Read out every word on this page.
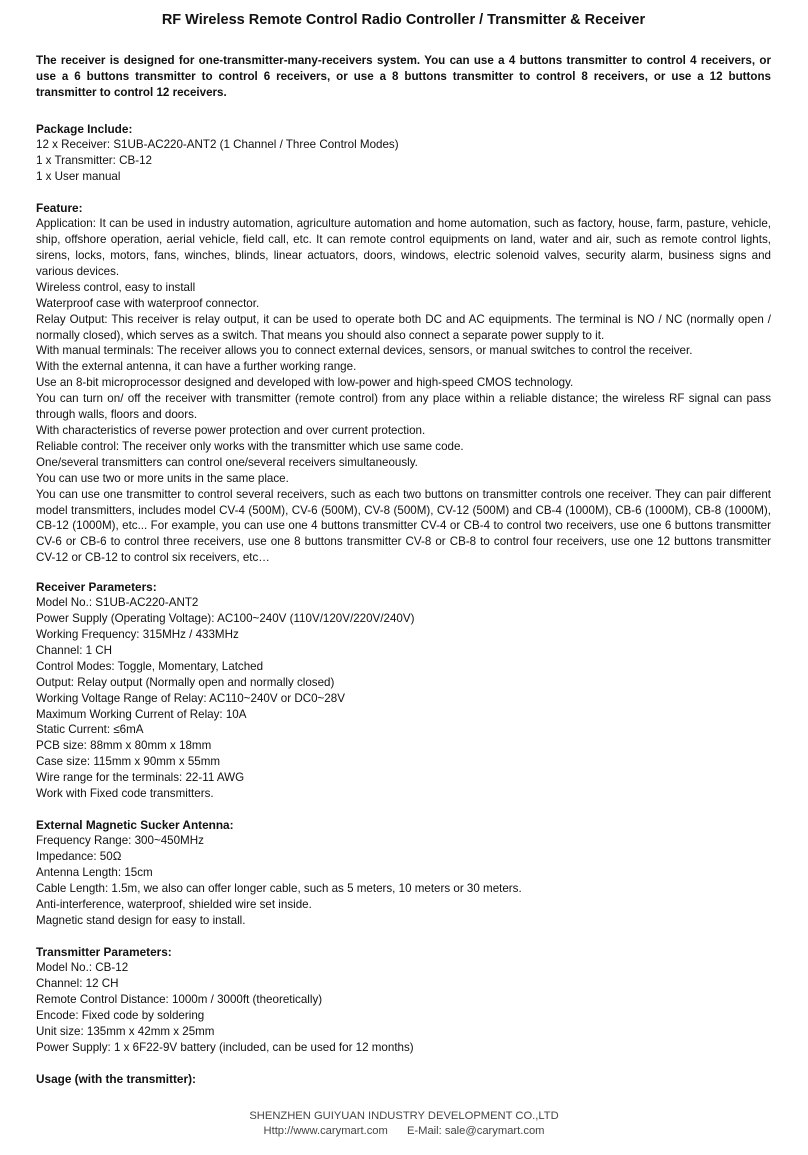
RF Wireless Remote Control Radio Controller / Transmitter & Receiver

The receiver is designed for one-transmitter-many-receivers system. You can use a 4 buttons transmitter to control 4 receivers, or use a 6 buttons transmitter to control 6 receivers, or use a 8 buttons transmitter to control 8 receivers, or use a 12 buttons transmitter to control 12 receivers.

Package Include:

12 x Receiver: S1UB-AC220-ANT2 (1 Channel / Three Control Modes)

1 x Transmitter: CB-12

1 x User manual

Feature:

Application: It can be used in industry automation, agriculture automation and home automation, such as factory, house, farm, pasture, vehicle, ship, offshore operation, aerial vehicle, field call, etc. It can remote control equipments on land, water and air, such as remote control lights, sirens, locks, motors, fans, winches, blinds, linear actuators, doors, windows, electric solenoid valves, security alarm, business signs and various devices.

Wireless control, easy to install

Waterproof case with waterproof connector.

Relay Output: This receiver is relay output, it can be used to operate both DC and AC equipments. The terminal is NO / NC (normally open / normally closed), which serves as a switch. That means you should also connect a separate power supply to it.

With manual terminals: The receiver allows you to connect external devices, sensors, or manual switches to control the receiver.

With the external antenna, it can have a further working range.

Use an 8-bit microprocessor designed and developed with low-power and high-speed CMOS technology.

You can turn on/ off the receiver with transmitter (remote control) from any place within a reliable distance; the wireless RF signal can pass through walls, floors and doors.

With characteristics of reverse power protection and over current protection.

Reliable control: The receiver only works with the transmitter which use same code.

One/several transmitters can control one/several receivers simultaneously.

You can use two or more units in the same place.

You can use one transmitter to control several receivers, such as each two buttons on transmitter controls one receiver. They can pair different model transmitters, includes model CV-4 (500M), CV-6 (500M), CV-8 (500M), CV-12 (500M) and CB-4 (1000M), CB-6 (1000M), CB-8 (1000M), CB-12 (1000M), etc... For example, you can use one 4 buttons transmitter CV-4 or CB-4 to control two receivers, use one 6 buttons transmitter CV-6 or CB-6 to control three receivers, use one 8 buttons transmitter CV-8 or CB-8 to control four receivers, use one 12 buttons transmitter CV-12 or CB-12 to control six receivers, etc…

Receiver Parameters:

Model No.: S1UB-AC220-ANT2

Power Supply (Operating Voltage): AC100~240V (110V/120V/220V/240V)

Working Frequency: 315MHz / 433MHz

Channel: 1 CH

Control Modes: Toggle, Momentary, Latched

Output: Relay output (Normally open and normally closed)

Working Voltage Range of Relay: AC110~240V or DC0~28V

Maximum Working Current of Relay: 10A

Static Current: ≤6mA

PCB size: 88mm x 80mm x 18mm

Case size: 115mm x 90mm x 55mm

Wire range for the terminals: 22-11 AWG

Work with Fixed code transmitters.

External Magnetic Sucker Antenna:

Frequency Range: 300~450MHz

Impedance: 50Ω

Antenna Length: 15cm

Cable Length: 1.5m, we also can offer longer cable, such as 5 meters, 10 meters or 30 meters.

Anti-interference, waterproof, shielded wire set inside.

Magnetic stand design for easy to install.

Transmitter Parameters:

Model No.: CB-12

Channel: 12 CH

Remote Control Distance: 1000m / 3000ft (theoretically)

Encode: Fixed code by soldering

Unit size: 135mm x 42mm x 25mm

Power Supply: 1 x 6F22-9V battery (included, can be used for 12 months)

Usage (with the transmitter):
SHENZHEN GUIYUAN INDUSTRY DEVELOPMENT CO.,LTD
Http://www.carymart.com E-Mail: sale@carymart.com
